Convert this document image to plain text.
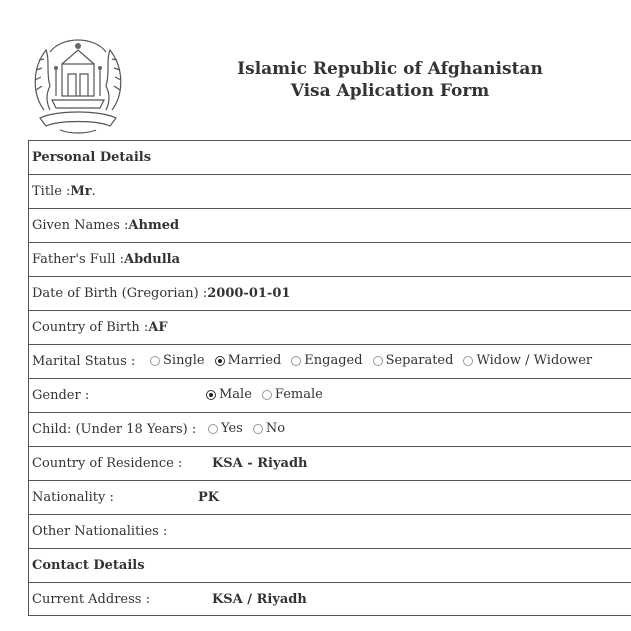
Islamic Republic of Afghanistan
Visa Aplication Form
Personal Details
Title : Mr .
Given Names : Ahmed
Father's Full : Abdulla
Date of Birth (Gregorian) : 2000-01-01
Country of Birth : AF
Marital Status :	Single Married Engaged Separated Widow / Widower
Gender :	Male Female
Child: (Under 18 Years) :	Yes No
Country of Residence :	KSA - Riyadh
Nationality :	PK
Other Nationalities :
Contact Details
Current Address :	KSA / Riyadh
